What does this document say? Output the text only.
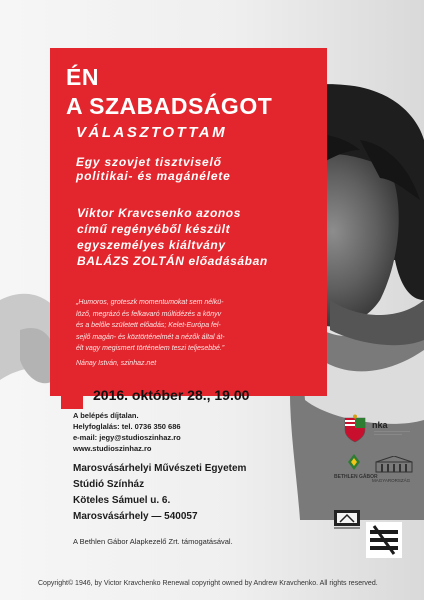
ÉN
A SZABADSÁGOT
VÁLASZTOTTAM
Egy szovjet tisztviselő
politikai- és magánélete
Viktor Kravcsenko azonos
című regényéből készült
egyszemélyes kiáltvány
BALÁZS ZOLTÁN előadásában
„Humoros, groteszk momentumokat sem nélkü-
löző, megrázó és felkavaró múltidézés a könyv
és a belőle született előadás; Kelet-Európa fel-
sejlő magán- és köztörténelmét a nézők által át-
élt vagy megismert történelem teszi teljesebbé.”
Nánay István, szinhaz.net
2016. október 28., 19.00
A belépés díjtalan.
Helyfoglalás: tel. 0736 350 686
e-mail: jegy@studioszinhaz.ro
www.studioszinhaz.ro
Marosvásárhelyi Művészeti Egyetem
Stúdió Színház
Köteles Sámuel u. 6.
Marosvásárhely — 540057
A Bethlen Gábor Alapkezelő Zrt. támogatásával.
Copyright© 1946, by Victor Kravchenko Renewal copyright owned by Andrew Kravchenko. All rights reserved.
nka
BETHLEN GÁBOR
MAGYARORSZÁG
